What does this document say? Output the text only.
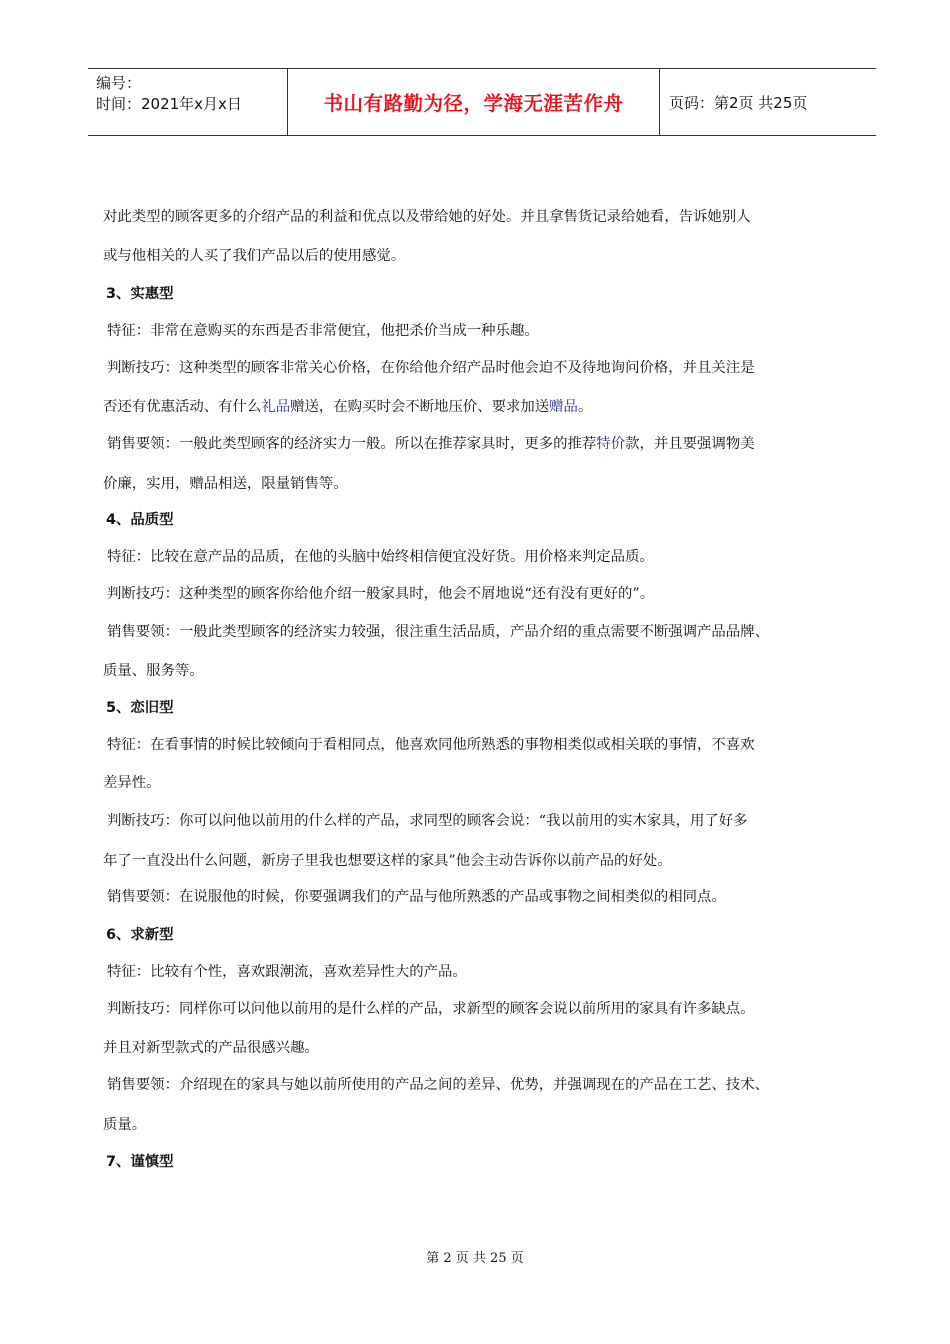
编号：
时间：2021年x月x日	书山有路勤为径，学海无涯苦作舟	页码：第2页 共25页
对此类型的顾客更多的介绍产品的利益和优点以及带给她的好处。并且拿售货记录给她看，告诉她别人
或与他相关的人买了我们产品以后的使用感觉。
3、实惠型
特征：非常在意购买的东西是否非常便宜，他把杀价当成一种乐趣。
判断技巧：这种类型的顾客非常关心价格，在你给他介绍产品时他会迫不及待地询问价格，并且关注是
否还有优惠活动、有什么礼品赠送，在购买时会不断地压价、要求加送赠品。
销售要领：一般此类型顾客的经济实力一般。所以在推荐家具时，更多的推荐特价款，并且要强调物美
价廉，实用，赠品相送，限量销售等。
4、品质型
特征：比较在意产品的品质，在他的头脑中始终相信便宜没好货。用价格来判定品质。
判断技巧：这种类型的顾客你给他介绍一般家具时，他会不屑地说“还有没有更好的”。
销售要领：一般此类型顾客的经济实力较强，很注重生活品质，产品介绍的重点需要不断强调产品品牌、
质量、服务等。
5、恋旧型
特征：在看事情的时候比较倾向于看相同点，他喜欢同他所熟悉的事物相类似或相关联的事情，不喜欢
差异性。
判断技巧：你可以问他以前用的什么样的产品，求同型的顾客会说：“我以前用的实木家具，用了好多
年了一直没出什么问题，新房子里我也想要这样的家具”他会主动告诉你以前产品的好处。
销售要领：在说服他的时候，你要强调我们的产品与他所熟悉的产品或事物之间相类似的相同点。
6、求新型
特征：比较有个性，喜欢跟潮流，喜欢差异性大的产品。
判断技巧：同样你可以问他以前用的是什么样的产品，求新型的顾客会说以前所用的家具有许多缺点。
并且对新型款式的产品很感兴趣。
销售要领：介绍现在的家具与她以前所使用的产品之间的差异、优势，并强调现在的产品在工艺、技术、
质量。
7、谨慎型
第 2 页 共 25 页
